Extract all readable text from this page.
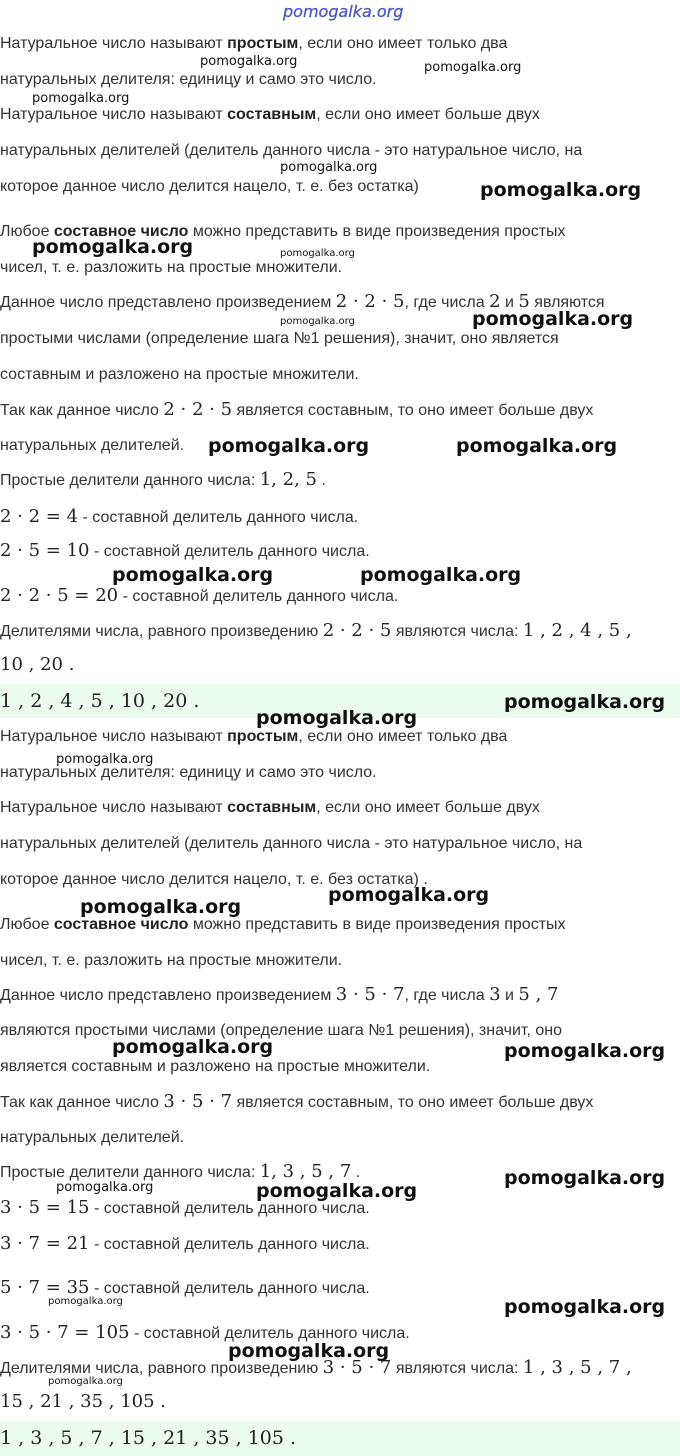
pomogalka.org
Натуральное число называют простым, если оно имеет только два
натуральных делителя: единицу и само это число.
Натуральное число называют составным, если оно имеет больше двух
натуральных делителей (делитель данного числа - это натуральное число, на
которое данное число делится нацело, т. е. без остатка)
Любое составное число можно представить в виде произведения простых
чисел, т. е. разложить на простые множители.
Данное число представлено произведением 2 · 2 · 5, где числа 2 и 5 являются
простыми числами (определение шага №1 решения), значит, оно является
составным и разложено на простые множители.
Так как данное число 2 · 2 · 5 является составным, то оно имеет больше двух
натуральных делителей.
Простые делители данного числа: 1, 2, 5 .
2 · 2 = 4 - составной делитель данного числа.
2 · 5 = 10 - составной делитель данного числа.
2 · 2 · 5 = 20 - составной делитель данного числа.
Делителями числа, равного произведению 2 · 2 · 5 являются числа: 1 , 2 , 4 , 5 ,
10 , 20 .
1 , 2 , 4 , 5 , 10 , 20 .
Натуральное число называют простым, если оно имеет только два
натуральных делителя: единицу и само это число.
Натуральное число называют составным, если оно имеет больше двух
натуральных делителей (делитель данного числа - это натуральное число, на
которое данное число делится нацело, т. е. без остатка) .
Любое составное число можно представить в виде произведения простых
чисел, т. е. разложить на простые множители.
Данное число представлено произведением 3 · 5 · 7, где числа 3 и 5 , 7
являются простыми числами (определение шага №1 решения), значит, оно
является составным и разложено на простые множители.
Так как данное число 3 · 5 · 7 является составным, то оно имеет больше двух
натуральных делителей.
Простые делители данного числа: 1, 3 , 5 , 7 .
3 · 5 = 15 - составной делитель данного числа.
3 · 7 = 21 - составной делитель данного числа.
5 · 7 = 35 - составной делитель данного числа.
3 · 5 · 7 = 105 - составной делитель данного числа.
Делителями числа, равного произведению 3 · 5 · 7 являются числа: 1 , 3 , 5 , 7 ,
15 , 21 , 35 , 105 .
1 , 3 , 5 , 7 , 15 , 21 , 35 , 105 .
pomogalka.org	pomogalka.org
pomogalka.org
pomogalka.org
pomogalka.org
pomogalka.org	pomogalka.org
pomogalka.org	pomogalka.org
pomogalka.org	pomogalka.org
pomogalka.org	pomogalka.org
pomogalka.org
pomogalka.org
pomogalka.org
pomogalka.org
pomogalka.org
pomogalka.org	pomogalka.org
pomogalka.org
pomogalka.org	pomogalka.org
pomogalka.org	pomogalka.org
pomogalka.org
pomogalka.org
